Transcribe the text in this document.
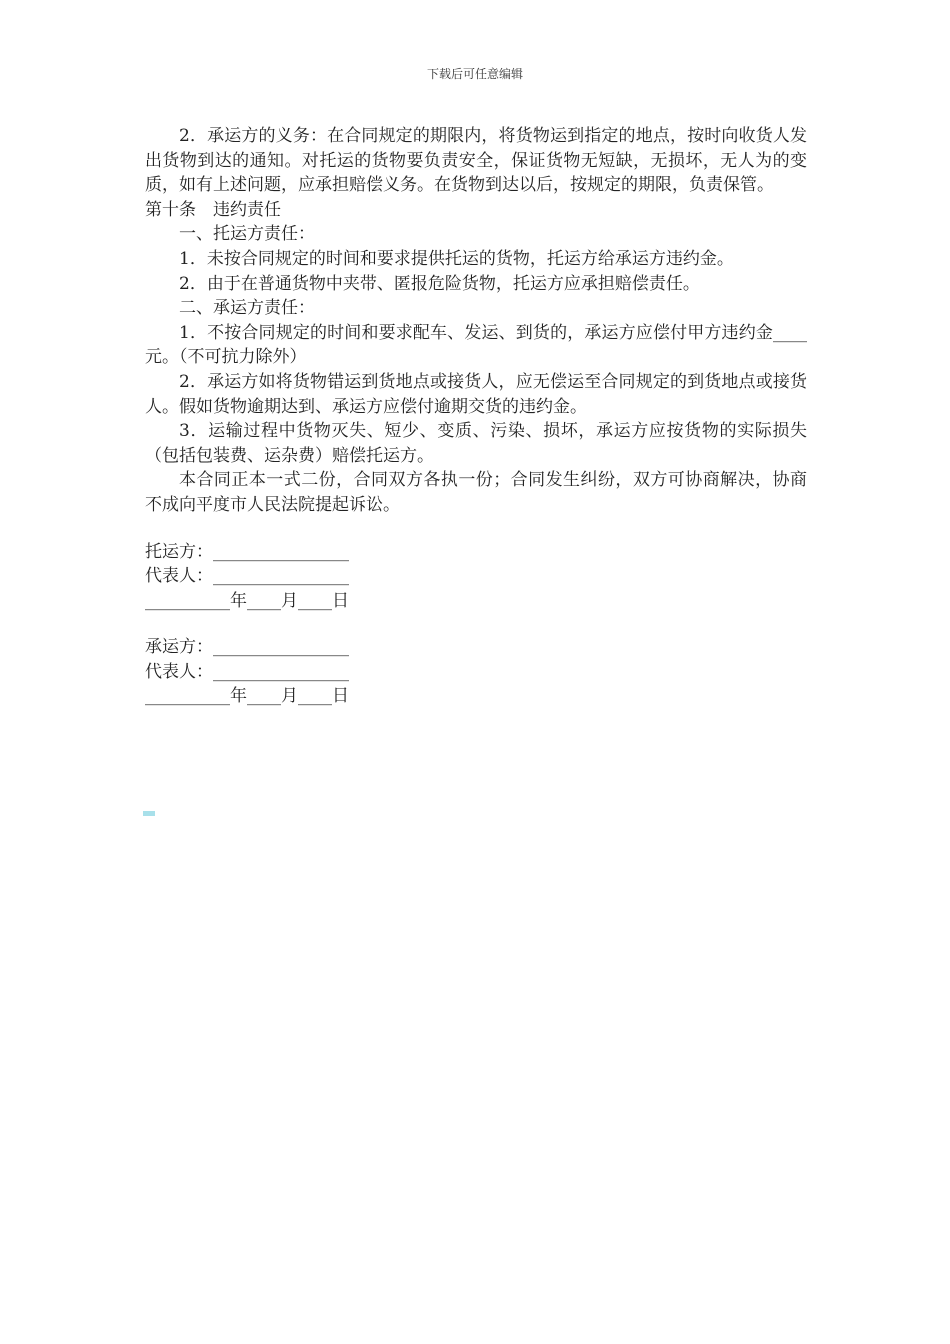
下载后可任意编辑

2．承运方的义务：在合同规定的期限内，将货物运到指定的地点，按时向收货人发出货物到达的通知。对托运的货物要负责安全，保证货物无短缺，无损坏，无人为的变质，如有上述问题，应承担赔偿义务。在货物到达以后，按规定的期限，负责保管。

第十条　违约责任

一、托运方责任：

1．未按合同规定的时间和要求提供托运的货物，托运方给承运方违约金。

2．由于在普通货物中夹带、匿报危险货物，托运方应承担赔偿责任。

二、承运方责任：

1．不按合同规定的时间和要求配车、发运、到货的，承运方应偿付甲方违约金____元。（不可抗力除外）

2．承运方如将货物错运到货地点或接货人，应无偿运至合同规定的到货地点或接货人。假如货物逾期达到、承运方应偿付逾期交货的违约金。

3．运输过程中货物灭失、短少、变质、污染、损坏，承运方应按货物的实际损失（包括包装费、运杂费）赔偿托运方。

本合同正本一式二份，合同双方各执一份；合同发生纠纷，双方可协商解决，协商不成向平度市人民法院提起诉讼。

托运方：________________

代表人：________________

__________年____月____日

承运方：________________

代表人：________________

__________年____月____日
